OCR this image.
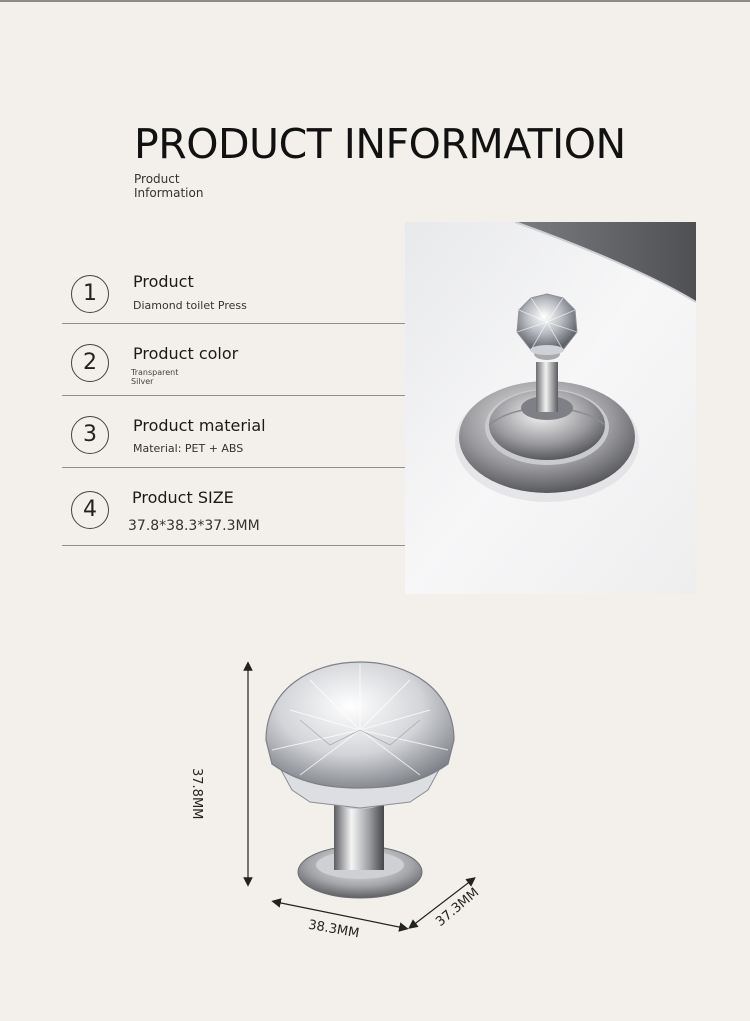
PRODUCT INFORMATION
Product
Information
1	Product
Diamond toilet Press
2	Product color
Transparent
Silver
3	Product material
Material: PET + ABS
4	Product SIZE
37.8*38.3*37.3MM
37.8MM
38.3MM	37.3MM
